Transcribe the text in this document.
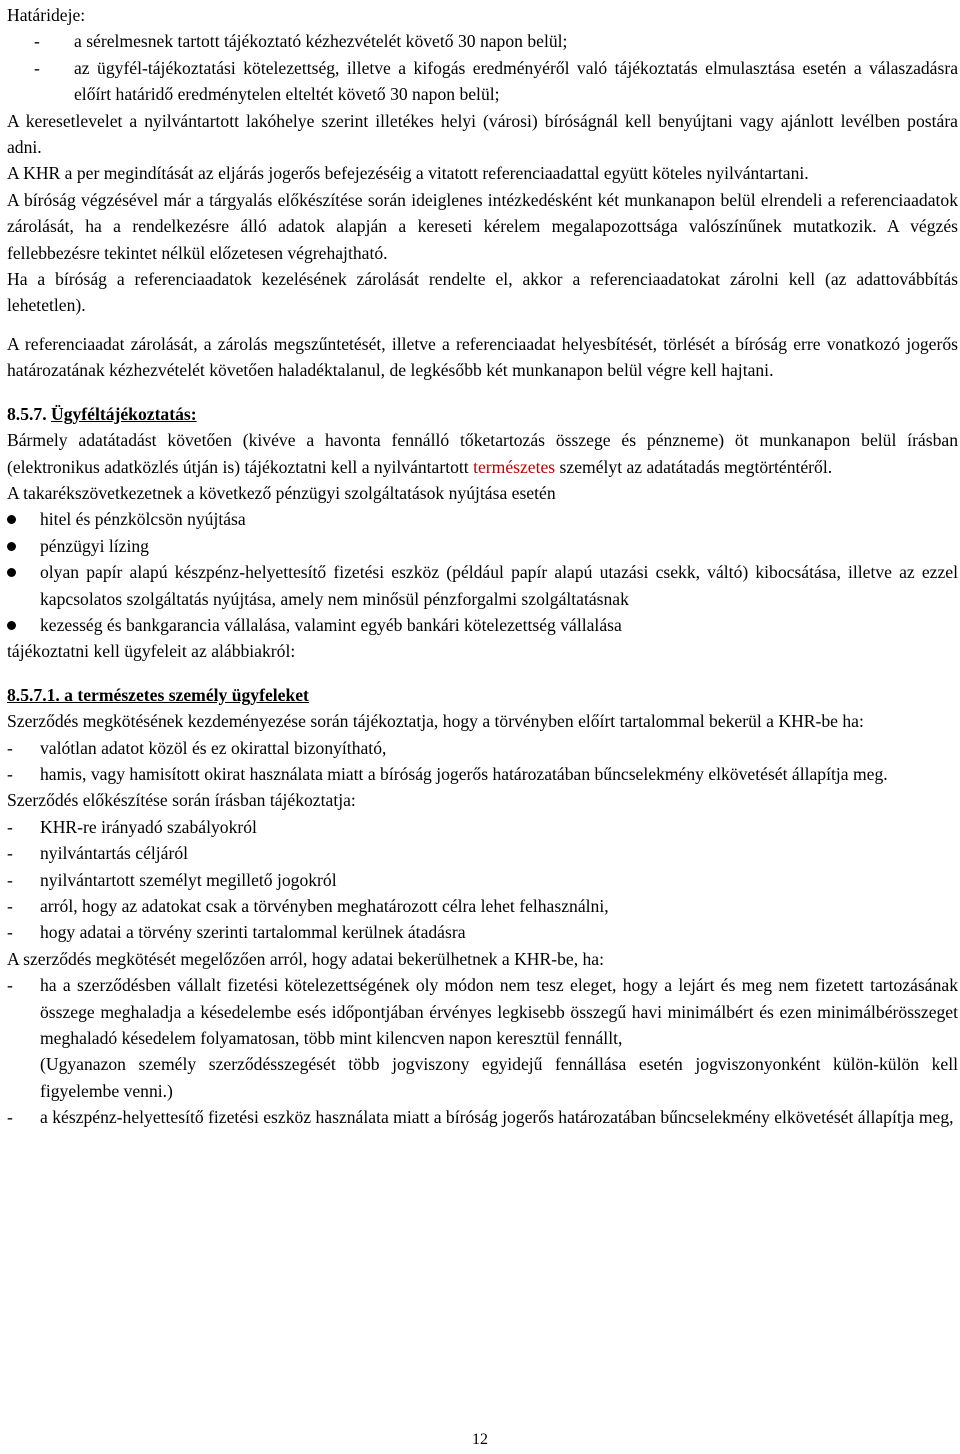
Határideje:

-	a sérelmesnek tartott tájékoztató kézhezvételét követő 30 napon belül;
-	az ügyfél-tájékoztatási kötelezettség, illetve a kifogás eredményéről való tájékoztatás elmulasztása esetén a válaszadásra előírt határidő eredménytelen elteltét követő 30 napon belül;

A keresetlevelet a nyilvántartott lakóhelye szerint illetékes helyi (városi) bíróságnál kell benyújtani vagy ajánlott levélben postára adni.

A KHR a per megindítását az eljárás jogerős befejezéséig a vitatott referenciaadattal együtt köteles nyilvántartani.

A bíróság végzésével már a tárgyalás előkészítése során ideiglenes intézkedésként két munkanapon belül elrendeli a referenciaadatok zárolását, ha a rendelkezésre álló adatok alapján a kereseti kérelem megalapozottsága valószínűnek mutatkozik. A végzés fellebbezésre tekintet nélkül előzetesen végrehajtható.

Ha a bíróság a referenciaadatok kezelésének zárolását rendelte el, akkor a referenciaadatokat zárolni kell (az adattovábbítás lehetetlen).

A referenciaadat zárolását, a zárolás megszűntetését, illetve a referenciaadat helyesbítését, törlését a bíróság erre vonatkozó jogerős határozatának kézhezvételét követően haladéktalanul, de legkésőbb két munkanapon belül végre kell hajtani.

8.5.7. Ügyféltájékoztatás:

Bármely adatátadást követően (kivéve a havonta fennálló tőketartozás összege és pénzneme) öt munkanapon belül írásban (elektronikus adatközlés útján is) tájékoztatni kell a nyilvántartott természetes személyt az adatátadás megtörténtéről.

A takarékszövetkezetnek a következő pénzügyi szolgáltatások nyújtása esetén

hitel és pénzkölcsön nyújtása
pénzügyi lízing
olyan papír alapú készpénz-helyettesítő fizetési eszköz (például papír alapú utazási csekk, váltó) kibocsátása, illetve az ezzel kapcsolatos szolgáltatás nyújtása, amely nem minősül pénzforgalmi szolgáltatásnak
kezesség és bankgarancia vállalása, valamint egyéb bankári kötelezettség vállalása

tájékoztatni kell ügyfeleit az alábbiakról:

8.5.7.1. a természetes személy ügyfeleket

Szerződés megkötésének kezdeményezése során tájékoztatja, hogy a törvényben előírt tartalommal bekerül a KHR-be ha:

-	valótlan adatot közöl és ez okirattal bizonyítható,
-	hamis, vagy hamisított okirat használata miatt a bíróság jogerős határozatában bűncselekmény elkövetését állapítja meg.

Szerződés előkészítése során írásban tájékoztatja:

-	KHR-re irányadó szabályokról
-	nyilvántartás céljáról
-	nyilvántartott személyt megillető jogokról
-	arról, hogy az adatokat csak a törvényben meghatározott célra lehet felhasználni,
-	hogy adatai a törvény szerinti tartalommal kerülnek átadásra

A szerződés megkötését megelőzően arról, hogy adatai bekerülhetnek a KHR-be, ha:

-	ha a szerződésben vállalt fizetési kötelezettségének oly módon nem tesz eleget, hogy a lejárt és meg nem fizetett tartozásának összege meghaladja a késedelembe esés időpontjában érvényes legkisebb összegű havi minimálbért és ezen minimálbérösszeget meghaladó késedelem folyamatosan, több mint kilencven napon keresztül fennállt,
(Ugyanazon személy szerződésszegését több jogviszony egyidejű fennállása esetén jogviszonyonként külön-külön kell figyelembe venni.)
-	a készpénz-helyettesítő fizetési eszköz használata miatt a bíróság jogerős határozatában bűncselekmény elkövetését állapítja meg,
12
